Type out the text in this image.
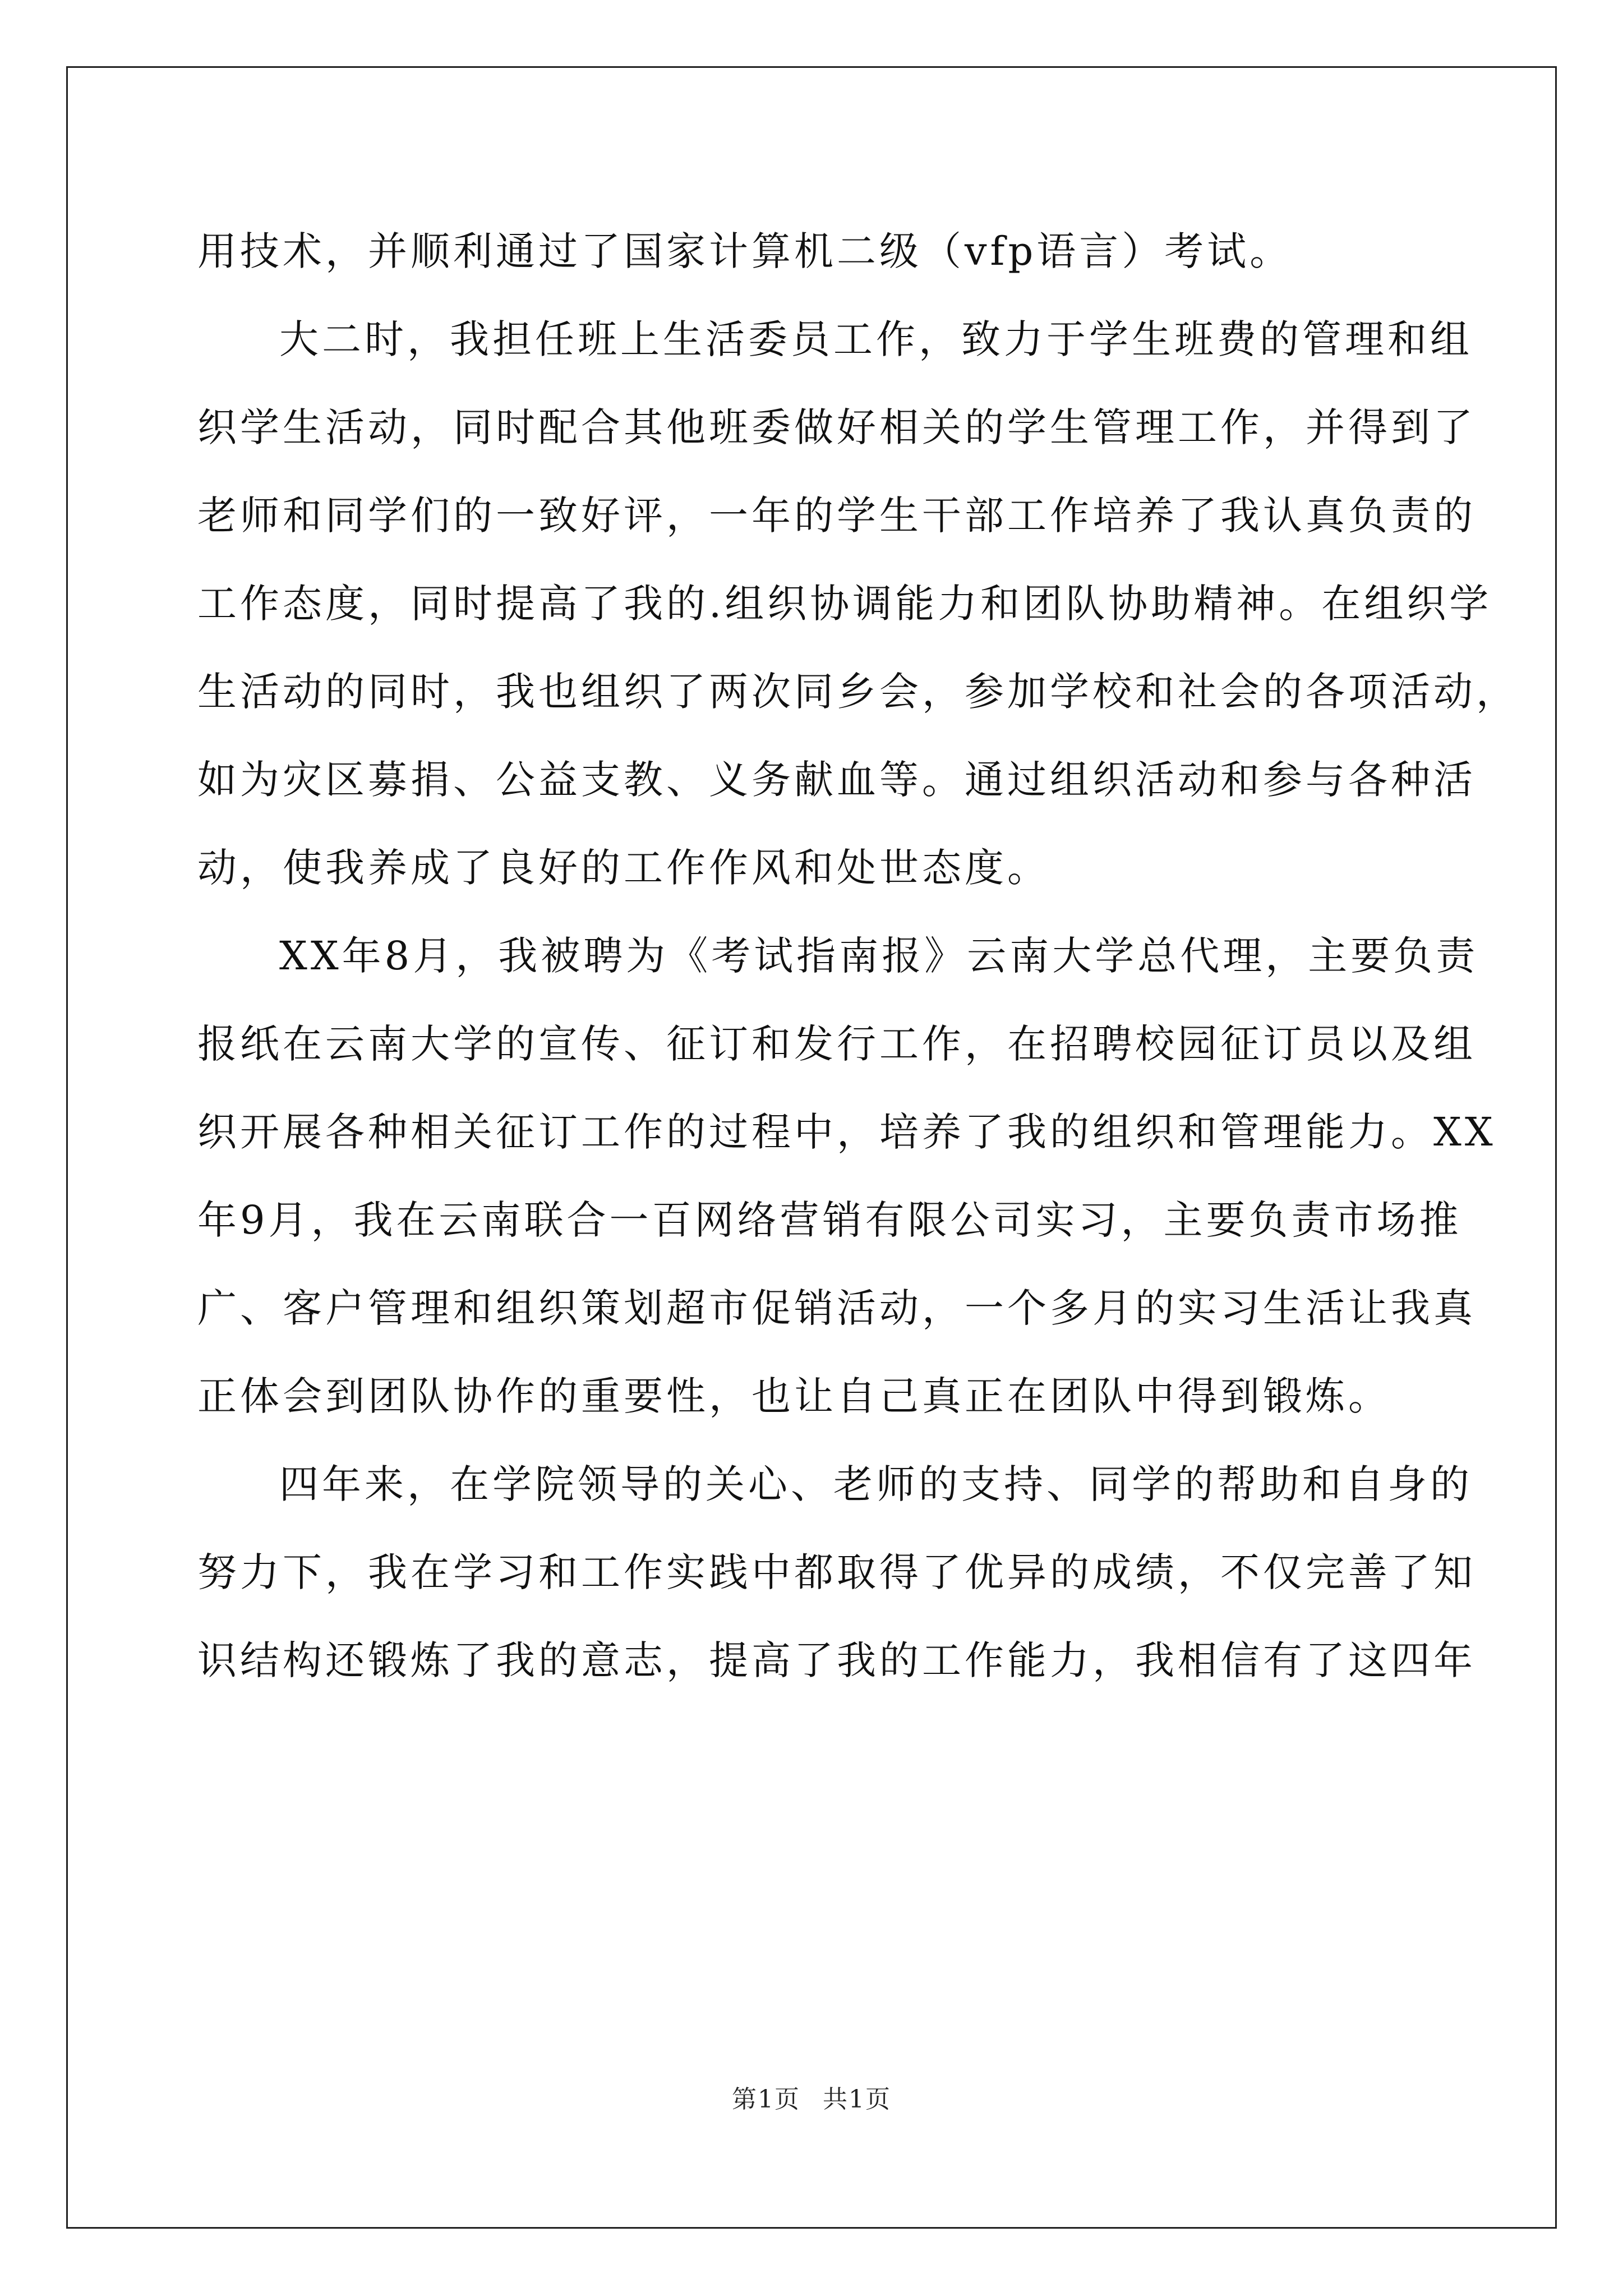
用技术，并顺利通过了国家计算机二级（vfp语言）考试。
大二时，我担任班上生活委员工作，致力于学生班费的管理和组
织学生活动，同时配合其他班委做好相关的学生管理工作，并得到了
老师和同学们的一致好评，一年的学生干部工作培养了我认真负责的
工作态度，同时提高了我的.组织协调能力和团队协助精神。在组织学
生活动的同时，我也组织了两次同乡会，参加学校和社会的各项活动，
如为灾区募捐、公益支教、义务献血等。通过组织活动和参与各种活
动，使我养成了良好的工作作风和处世态度。
XX年8月，我被聘为《考试指南报》云南大学总代理，主要负责
报纸在云南大学的宣传、征订和发行工作，在招聘校园征订员以及组
织开展各种相关征订工作的过程中，培养了我的组织和管理能力。XX
年9月，我在云南联合一百网络营销有限公司实习，主要负责市场推
广、客户管理和组织策划超市促销活动，一个多月的实习生活让我真
正体会到团队协作的重要性，也让自己真正在团队中得到锻炼。
四年来，在学院领导的关心、老师的支持、同学的帮助和自身的
努力下，我在学习和工作实践中都取得了优异的成绩，不仅完善了知
识结构还锻炼了我的意志，提高了我的工作能力，我相信有了这四年
第1页 共1页
